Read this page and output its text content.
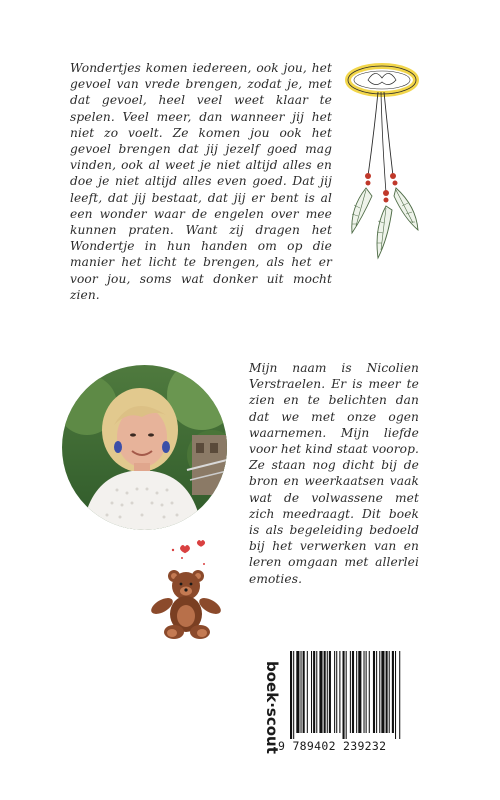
Wondertjes komen iedereen, ook jou, het gevoel van vrede brengen, zodat je, met dat gevoel, heel veel weet klaar te spelen. Veel meer, dan wanneer jij het niet zo voelt. Ze komen jou ook het gevoel brengen dat jij jezelf goed mag vinden, ook al weet je niet altijd alles en doe je niet altijd alles even goed. Dat jij leeft, dat jij bestaat, dat jij er bent is al een wonder waar de engelen over mee kunnen praten. Want zij dragen het Wondertje in hun handen om op die manier het licht te brengen, als het er voor jou, soms wat donker uit mocht zien.
Mijn naam is Nicolien Verstraelen. Er is meer te zien en te belichten dan dat we met onze ogen waarnemen. Mijn liefde voor het kind staat voorop. Ze staan nog dicht bij de bron en weerkaatsen vaak wat de volwassene met zich meedraagt. Dit boek is als begeleiding bedoeld bij het verwerken van en leren omgaan met allerlei emoties.
boek·scout
9 789402 239232
